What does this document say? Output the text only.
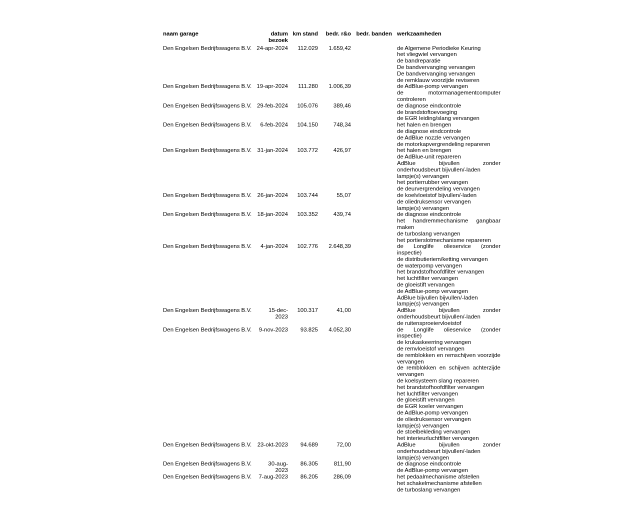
naam garage	datum bezoek	km stand	bedr. r&o	bedr. banden	werkzaamheden
Den Engelsen Bedrijfswagens B.V.	24-apr-2024	112.029	1.659,42		de Algemene Periodieke Keuring
het vliegwiel vervangen
de bandreparatie
De bandvervanging vervangen
De bandvervanging vervangen
de remklauw voorzijde reviseren

Den Engelsen Bedrijfswagens B.V.	19-apr-2024	111.280	1.006,39		de AdBlue-pomp vervangen
de motormanagementcomputer controleren

Den Engelsen Bedrijfswagens B.V.	29-feb-2024	105.076	389,46		de diagnose eindcontrole
de brandstoftoevoeging
de EGR leiding/slang vervangen

Den Engelsen Bedrijfswagens B.V.	6-feb-2024	104.150	748,34		het halen en brengen
de diagnose eindcontrole
de AdBlue nozzle vervangen
de motorkapvergrendeling repareren

Den Engelsen Bedrijfswagens B.V.	31-jan-2024	103.772	426,97		het halen en brengen
de AdBlue-unit repareren
AdBlue bijvullen zonder onderhoudsbeurt bijvullen/-laden
lampje(s) vervangen
het portierrubber vervangen
de deurvergrendeling vervangen

Den Engelsen Bedrijfswagens B.V.	26-jan-2024	103.744	55,07		de koelvloeistof bijvullen/-laden
de oliedruksensor vervangen
lampje(s) vervangen

Den Engelsen Bedrijfswagens B.V.	18-jan-2024	103.352	439,74		de diagnose eindcontrole
het handremmechanisme gangbaar maken
de turboslang vervangen
het portierslotmechanisme repareren

Den Engelsen Bedrijfswagens B.V.	4-jan-2024	102.776	2.648,39		de Longlife olieservice (zonder inspectie)
de distributieriem/ketting vervangen
de waterpomp vervangen
het brandstofhoofdfilter vervangen
het luchtfilter vervangen
de gloeistift vervangen
de AdBlue-pomp vervangen
AdBlue bijvullen bijvullen/-laden
lampje(s) vervangen

Den Engelsen Bedrijfswagens B.V.	15-dec-2023	100.317	41,00		AdBlue bijvullen zonder onderhoudsbeurt bijvullen/-laden
de ruitensproeiervloeistof

Den Engelsen Bedrijfswagens B.V.	9-nov-2023	93.825	4.052,30		de Longlife olieservice (zonder inspectie)
de krukaskeerring vervangen
de remvloeistof vervangen
de remblokken en remschijven voorzijde vervangen
de remblokken en schijven achterzijde vervangen
de koelsysteem slang repareren
het brandstofhoofdfilter vervangen
het luchtfilter vervangen
de gloeistift vervangen
de EGR koeler vervangen
de AdBlue-pomp vervangen
de oliedruksensor vervangen
lampje(s) vervangen
de stoelbekleding vervangen
het interieurluchtfilter vervangen

Den Engelsen Bedrijfswagens B.V.	23-okt-2023	94.689	72,00		AdBlue bijvullen zonder onderhoudsbeurt bijvullen/-laden
lampje(s) vervangen

Den Engelsen Bedrijfswagens B.V.	30-aug-2023	86.305	811,90		de diagnose eindcontrole
de AdBlue-pomp vervangen

Den Engelsen Bedrijfswagens B.V.	7-aug-2023	86.205	286,09		het pedaalmechanisme afstellen
het schakelmechanisme afstellen
de turboslang vervangen
